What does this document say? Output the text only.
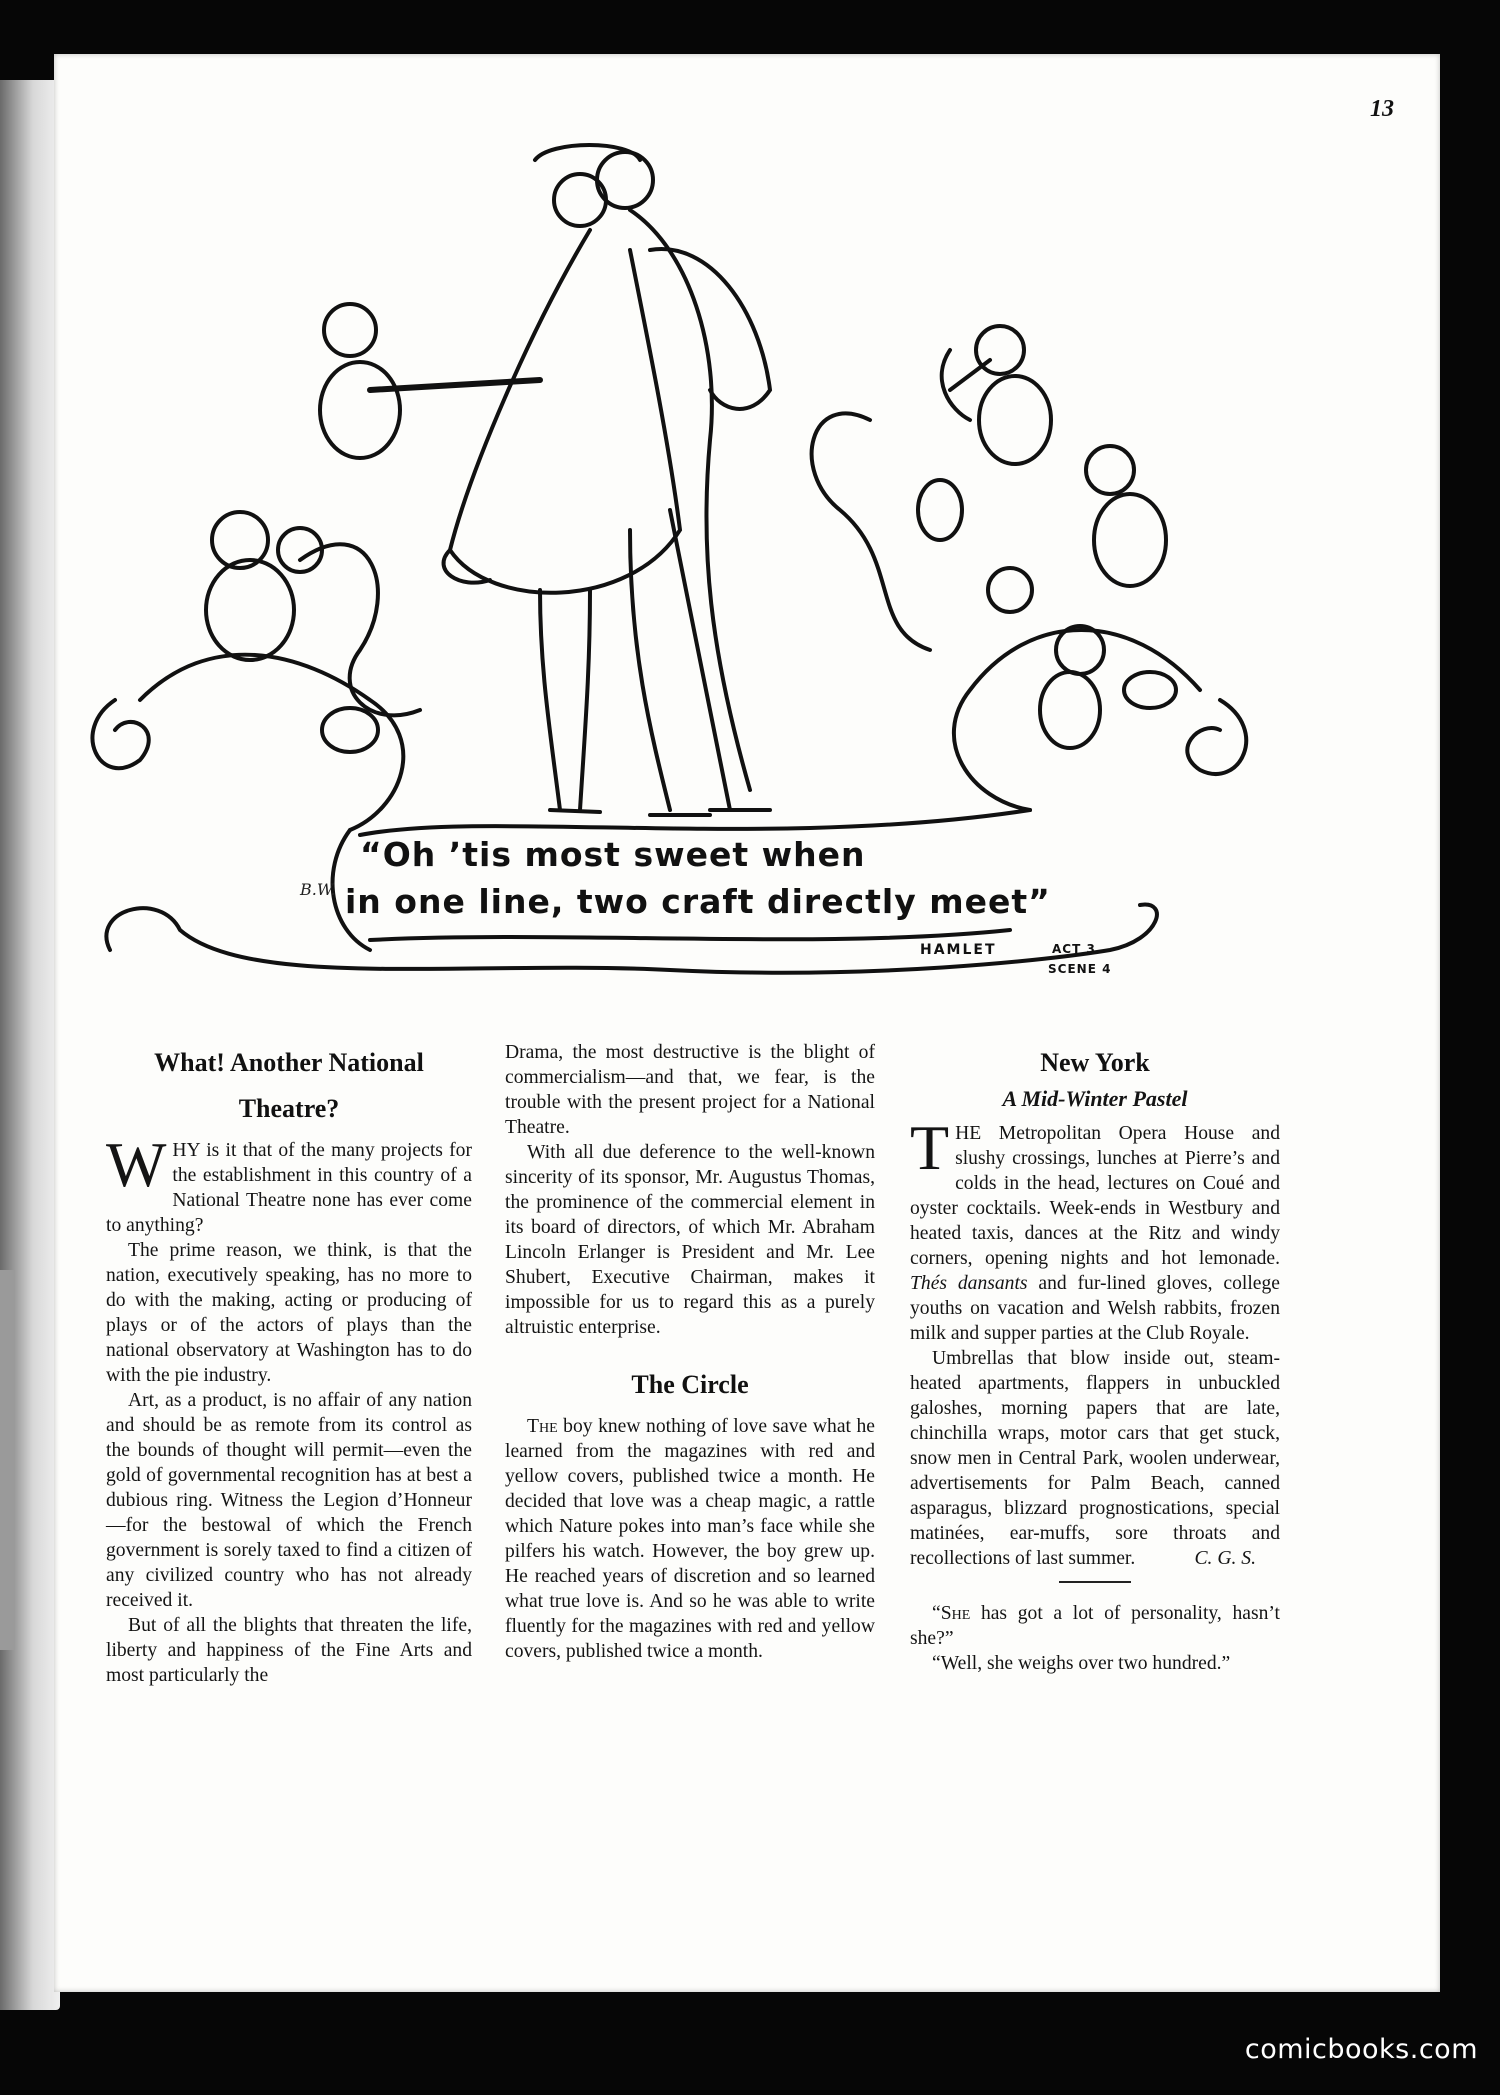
13
“Oh ’tis most sweet when
in one line, two craft directly meet”
HAMLET	ACT 3
SCENE 4
B.W.
What! Another National
Theatre?

WHY is it that of the many projects for the establishment in this country of a National Theatre none has ever come to anything?

The prime reason, we think, is that the nation, executively speaking, has no more to do with the making, acting or producing of plays or of the actors of plays than the national observatory at Washington has to do with the pie industry.

Art, as a product, is no affair of any nation and should be as remote from its control as the bounds of thought will permit—even the gold of governmental recognition has at best a dubious ring. Witness the Legion d’Honneur—for the bestowal of which the French government is sorely taxed to find a citizen of any civilized country who has not already received it.

But of all the blights that threaten the life, liberty and happiness of the Fine Arts and most particularly the

Drama, the most destructive is the blight of commercialism—and that, we fear, is the trouble with the present project for a National Theatre.

With all due deference to the well-known sincerity of its sponsor, Mr. Augustus Thomas, the prominence of the commercial element in its board of directors, of which Mr. Abraham Lincoln Erlanger is President and Mr. Lee Shubert, Executive Chairman, makes it impossible for us to regard this as a purely altruistic enterprise.

The Circle

The boy knew nothing of love save what he learned from the magazines with red and yellow covers, published twice a month. He decided that love was a cheap magic, a rattle which Nature pokes into man’s face while she pilfers his watch. However, the boy grew up. He reached years of discretion and so learned what true love is. And so he was able to write fluently for the magazines with red and yellow covers, published twice a month.

New York
A Mid-Winter Pastel

THE Metropolitan Opera House and slushy crossings, lunches at Pierre’s and colds in the head, lectures on Coué and oyster cocktails. Week-ends in Westbury and heated taxis, dances at the Ritz and windy corners, opening nights and hot lemonade. Thés dansants and fur-lined gloves, college youths on vacation and Welsh rabbits, frozen milk and supper parties at the Club Royale.

Umbrellas that blow inside out, steam-heated apartments, flappers in unbuckled galoshes, morning papers that are late, chinchilla wraps, motor cars that get stuck, snow men in Central Park, woolen underwear, advertisements for Palm Beach, canned asparagus, blizzard prognostications, special matinées, ear-muffs, sore throats and recollections of last summer.	C. G. S.

“She has got a lot of personality, hasn’t she?”

“Well, she weighs over two hundred.”

comicbooks.com
